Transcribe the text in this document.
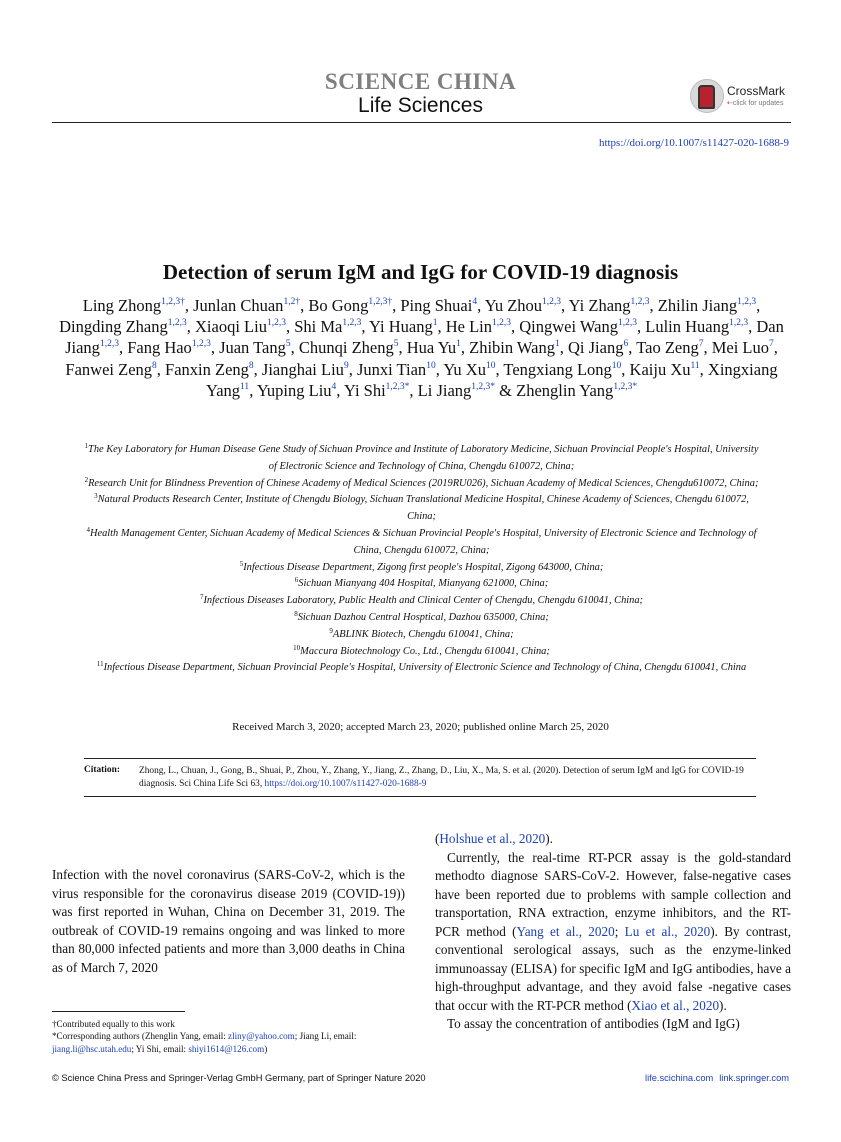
SCIENCE CHINA
Life Sciences
CrossMark
⇠click for updates
https://doi.org/10.1007/s11427-020-1688-9
Detection of serum IgM and IgG for COVID-19 diagnosis
Ling Zhong$^{1,2,3\dagger}$, Junlan Chuan$^{1,2\dagger}$, Bo Gong$^{1,2,3\dagger}$, Ping Shuai$^4$, Yu Zhou$^{1,2,3}$, Yi Zhang$^{1,2,3}$, Zhilin Jiang$^{1,2,3}$, Dingding Zhang$^{1,2,3}$, Xiaoqi Liu$^{1,2,3}$, Shi Ma$^{1,2,3}$, Yi Huang$^1$, He Lin$^{1,2,3}$, Qingwei Wang$^{1,2,3}$, Lulin Huang$^{1,2,3}$, Dan Jiang$^{1,2,3}$, Fang Hao$^{1,2,3}$, Juan Tang$^5$, Chunqi Zheng$^5$, Hua Yu$^1$, Zhibin Wang$^1$, Qi Jiang$^6$, Tao Zeng$^7$, Mei Luo$^7$, Fanwei Zeng$^8$, Fanxin Zeng$^8$, Jianghai Liu$^9$, Junxi Tian$^{10}$, Yu Xu$^{10}$, Tengxiang Long$^{10}$, Kaiju Xu$^{11}$, Xingxiang Yang$^{11}$, Yuping Liu$^4$, Yi Shi$^{1,2,3*}$, Li Jiang$^{1,2,3*}$ & Zhenglin Yang$^{1,2,3*}$
$^1$The Key Laboratory for Human Disease Gene Study of Sichuan Province and Institute of Laboratory Medicine, Sichuan Provincial People's Hospital, University of Electronic Science and Technology of China, Chengdu 610072, China;
$^2$Research Unit for Blindness Prevention of Chinese Academy of Medical Sciences (2019RU026), Sichuan Academy of Medical Sciences, Chengdu610072, China;
$^3$Natural Products Research Center, Institute of Chengdu Biology, Sichuan Translational Medicine Hospital, Chinese Academy of Sciences, Chengdu 610072, China;
$^4$Health Management Center, Sichuan Academy of Medical Sciences & Sichuan Provincial People's Hospital, University of Electronic Science and Technology of China, Chengdu 610072, China;
$^5$Infectious Disease Department, Zigong first people's Hospital, Zigong 643000, China;
$^6$Sichuan Mianyang 404 Hospital, Mianyang 621000, China;
$^7$Infectious Diseases Laboratory, Public Health and Clinical Center of Chengdu, Chengdu 610041, China;
$^8$Sichuan Dazhou Central Hosptical, Dazhou 635000, China;
$^9$ABLINK Biotech, Chengdu 610041, China;
$^{10}$Maccura Biotechnology Co., Ltd., Chengdu 610041, China;
$^{11}$Infectious Disease Department, Sichuan Provincial People's Hospital, University of Electronic Science and Technology of China, Chengdu 610041, China
Received March 3, 2020; accepted March 23, 2020; published online March 25, 2020
Citation: Zhong, L., Chuan, J., Gong, B., Shuai, P., Zhou, Y., Zhang, Y., Jiang, Z., Zhang, D., Liu, X., Ma, S. et al. (2020). Detection of serum IgM and IgG for COVID-19 diagnosis. Sci China Life Sci 63, https://doi.org/10.1007/s11427-020-1688-9

Infection with the novel coronavirus (SARS-CoV-2, which is the virus responsible for the coronavirus disease 2019 (COVID-19)) was first reported in Wuhan, China on December 31, 2019. The outbreak of COVID-19 remains ongoing and was linked to more than 80,000 infected patients and more than 3,000 deaths in China as of March 7, 2020

(Holshue et al., 2020).

Currently, the real-time RT-PCR assay is the gold-standard methodto diagnose SARS-CoV-2. However, false-negative cases have been reported due to problems with sample collection and transportation, RNA extraction, enzyme inhibitors, and the RT-PCR method (Yang et al., 2020; Lu et al., 2020). By contrast, conventional serological assays, such as the enzyme-linked immunoassay (ELISA) for specific IgM and IgG antibodies, have a high-throughput advantage, and they avoid false -negative cases that occur with the RT-PCR method (Xiao et al., 2020).

To assay the concentration of antibodies (IgM and IgG)

†Contributed equally to this work
*Corresponding authors (Zhenglin Yang, email: zliny@yahoo.com; Jiang Li, email: jiang.li@hsc.utah.edu; Yi Shi, email: shiyi1614@126.com)
© Science China Press and Springer-Verlag GmbH Germany, part of Springer Nature 2020	life.scichina.com link.springer.com
